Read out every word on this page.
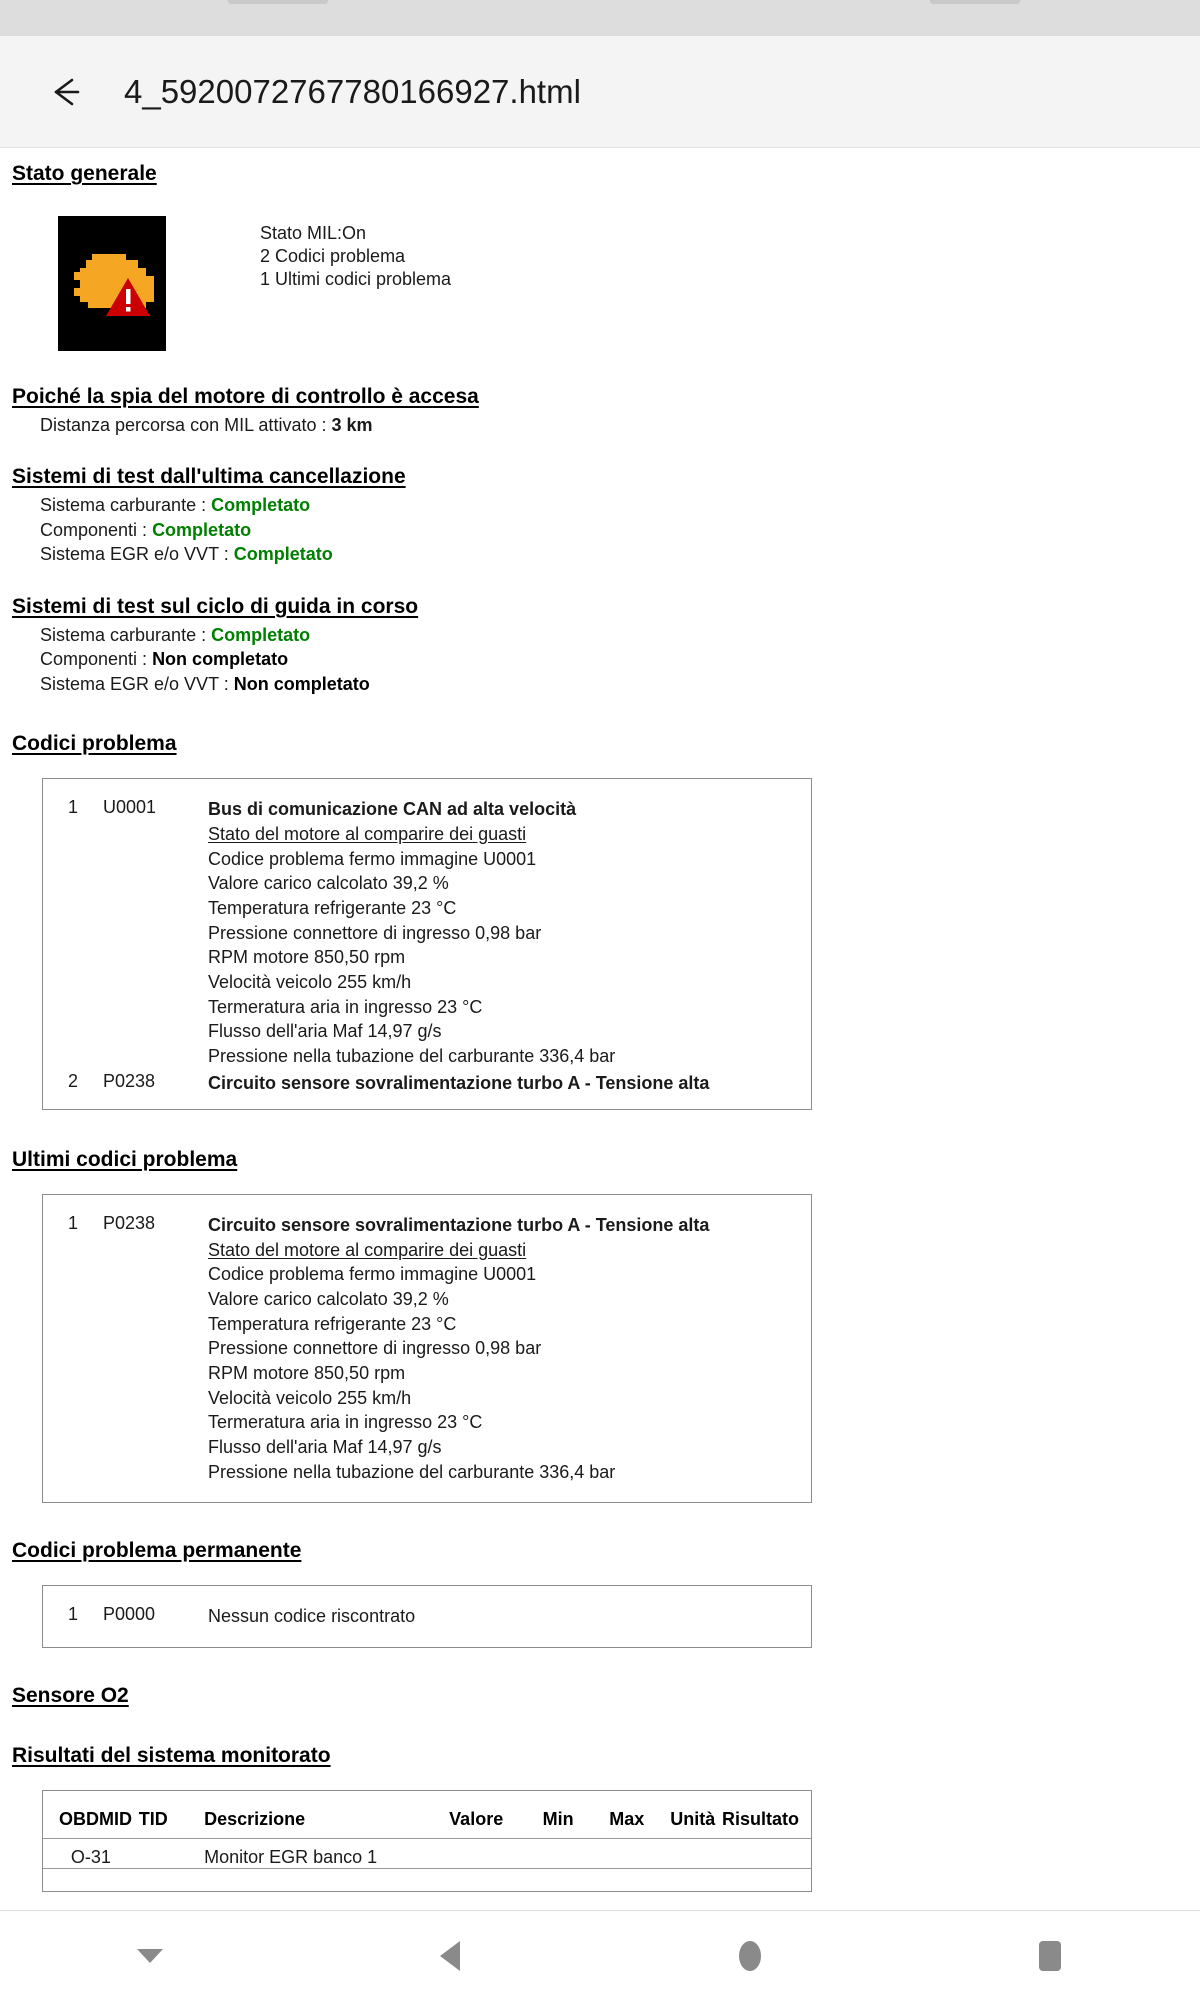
4_5920072767780166927.html
Stato generale
Stato MIL:On
2 Codici problema
1 Ultimi codici problema
Poiché la spia del motore di controllo è accesa
Distanza percorsa con MIL attivato : 3 km
Sistemi di test dall'ultima cancellazione
Sistema carburante : Completato
Componenti : Completato
Sistema EGR e/o VVT : Completato
Sistemi di test sul ciclo di guida in corso
Sistema carburante : Completato
Componenti : Non completato
Sistema EGR e/o VVT : Non completato
Codici problema
1	U0001	Bus di comunicazione CAN ad alta velocità
Stato del motore al comparire dei guasti
Codice problema fermo immagine U0001
Valore carico calcolato 39,2 %
Temperatura refrigerante 23 °C
Pressione connettore di ingresso 0,98 bar
RPM motore 850,50 rpm
Velocità veicolo 255 km/h
Termeratura aria in ingresso 23 °C
Flusso dell'aria Maf 14,97 g/s
Pressione nella tubazione del carburante 336,4 bar
2	P0238	Circuito sensore sovralimentazione turbo A - Tensione alta
Ultimi codici problema
1	P0238	Circuito sensore sovralimentazione turbo A - Tensione alta
Stato del motore al comparire dei guasti
Codice problema fermo immagine U0001
Valore carico calcolato 39,2 %
Temperatura refrigerante 23 °C
Pressione connettore di ingresso 0,98 bar
RPM motore 850,50 rpm
Velocità veicolo 255 km/h
Termeratura aria in ingresso 23 °C
Flusso dell'aria Maf 14,97 g/s
Pressione nella tubazione del carburante 336,4 bar
Codici problema permanente
1	P0000	Nessun codice riscontrato
Sensore O2
Risultati del sistema monitorato
OBDMID	TID	Descrizione	Valore	Min	Max	Unità	Risultato
O-31		Monitor EGR banco 1					
